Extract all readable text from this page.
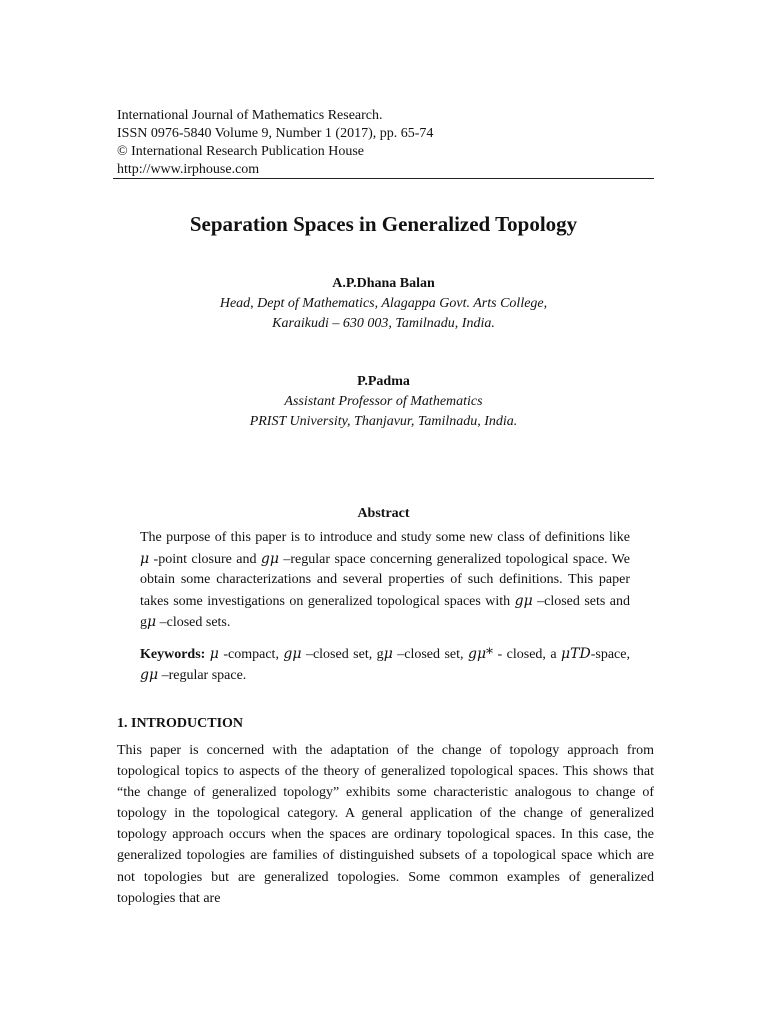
International Journal of Mathematics Research.
ISSN 0976-5840 Volume 9, Number 1 (2017), pp. 65-74
© International Research Publication House
http://www.irphouse.com
Separation Spaces in Generalized Topology
A.P.Dhana Balan
Head, Dept of Mathematics, Alagappa Govt. Arts College,
Karaikudi – 630 003, Tamilnadu, India.
P.Padma
Assistant Professor of Mathematics
PRIST University, Thanjavur, Tamilnadu, India.
Abstract

The purpose of this paper is to introduce and study some new class of definitions like μ -point closure and gμ –regular space concerning generalized topological space. We obtain some characterizations and several properties of such definitions. This paper takes some investigations on generalized topological spaces with gμ –closed sets and gμ –closed sets.

Keywords: μ -compact, gμ –closed set, gμ –closed set, gμ* - closed, a μTD-space, gμ –regular space.

1. INTRODUCTION

This paper is concerned with the adaptation of the change of topology approach from topological topics to aspects of the theory of generalized topological spaces. This shows that “the change of generalized topology” exhibits some characteristic analogous to change of topology in the topological category. A general application of the change of generalized topology approach occurs when the spaces are ordinary topological spaces. In this case, the generalized topologies are families of distinguished subsets of a topological space which are not topologies but are generalized topologies. Some common examples of generalized topologies that are
